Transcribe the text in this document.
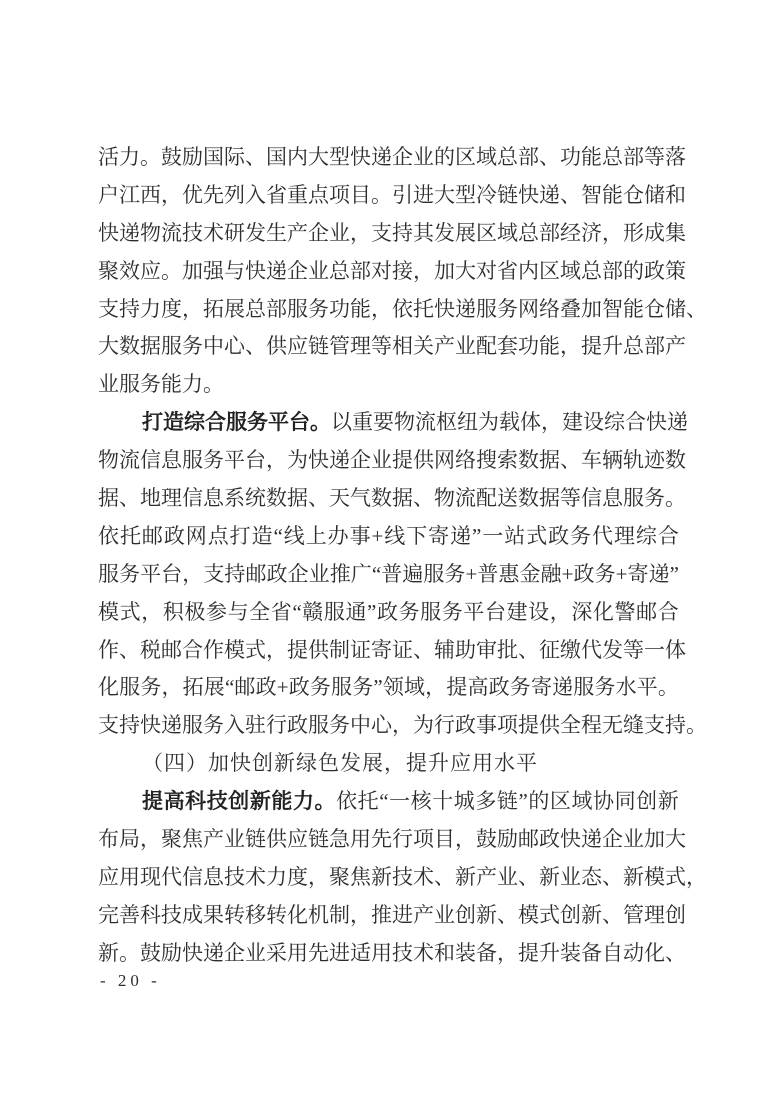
活 力 。 鼓 励 国 际 、 国 内 大 型 快 递 企 业 的 区 域 总 部 、 功 能 总 部 等 落
户 江 西 ， 优 先 列 入 省 重 点 项 目 。 引 进 大 型 冷 链 快 递 、 智 能 仓 储 和
快 递 物 流 技 术 研 发 生 产 企 业 ， 支 持 其 发 展 区 域 总 部 经 济 ， 形 成 集
聚 效 应 。 加 强 与 快 递 企 业 总 部 对 接 ， 加 大 对 省 内 区 域 总 部 的 政 策
支 持 力 度 ， 拓 展 总 部 服 务 功 能 ， 依 托 快 递 服 务 网 络 叠 加 智 能 仓 储 、
大 数 据 服 务 中 心 、 供 应 链 管 理 等 相 关 产 业 配 套 功 能 ， 提 升 总 部 产
业服务能力。
打 造 综 合 服 务 平 台 。 以 重 要 物 流 枢 纽 为 载 体 ， 建 设 综 合 快 递
物 流 信 息 服 务 平 台 ， 为 快 递 企 业 提 供 网 络 搜 索 数 据 、 车 辆 轨 迹 数
据 、 地 理 信 息 系 统 数 据 、 天 气 数 据 、 物 流 配 送 数 据 等 信 息 服 务 。
依 托 邮 政 网 点 打 造 “ 线 上 办 事 + 线 下 寄 递 ” 一 站 式 政 务 代 理 综 合
服 务 平 台 ， 支 持 邮 政 企 业 推 广 “ 普 遍 服 务 + 普 惠 金 融 + 政 务 + 寄 递 ”
模 式 ， 积 极 参 与 全 省 “ 赣 服 通 ” 政 务 服 务 平 台 建 设 ， 深 化 警 邮 合
作 、 税 邮 合 作 模 式 ， 提 供 制 证 寄 证 、 辅 助 审 批 、 征 缴 代 发 等 一 体
化 服 务 ， 拓 展 “ 邮 政 + 政 务 服 务 ” 领 域 ， 提 高 政 务 寄 递 服 务 水 平 。
支 持 快 递 服 务 入 驻 行 政 服 务 中 心 ， 为 行 政 事 项 提 供 全 程 无 缝 支 持 。
（四）加快创新绿色发展，提升应用水平
提 高 科 技 创 新 能 力 。 依 托 “ 一 核 十 城 多 链 ” 的 区 域 协 同 创 新
布 局 ， 聚 焦 产 业 链 供 应 链 急 用 先 行 项 目 ， 鼓 励 邮 政 快 递 企 业 加 大
应 用 现 代 信 息 技 术 力 度 ， 聚 焦 新 技 术 、 新 产 业 、 新 业 态 、 新 模 式 ，
完 善 科 技 成 果 转 移 转 化 机 制 ， 推 进 产 业 创 新 、 模 式 创 新 、 管 理 创
新 。 鼓 励 快 递 企 业 采 用 先 进 适 用 技 术 和 装 备 ， 提 升 装 备 自 动 化 、
- 20 -
